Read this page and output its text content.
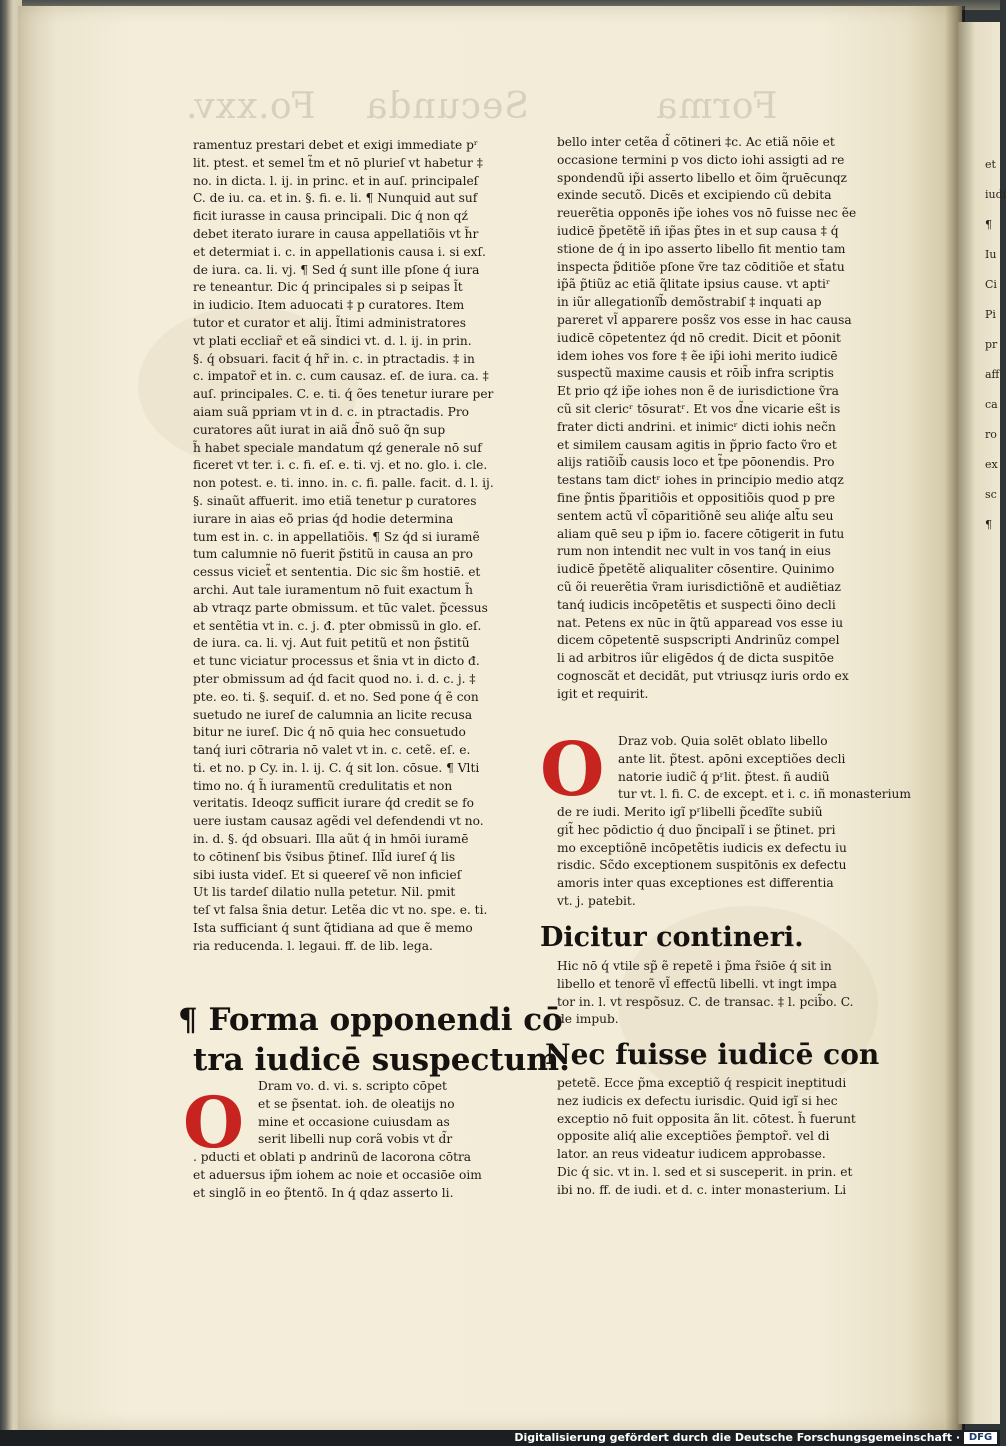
Fo.xxv. Secunda	Forma
ramentuz prestari debet et exigi immediate pʳ
lit. ptest. et semel t̃m et nō plurieſ vt habetur ‡
no. in dicta. l. ij. in princ. et in auſ. principaleſ
C. de iu. ca. et in. §. fi. e. li. ¶ Nunquid aut suf
ficit iurasse in causa principali. Dic q́ non qź
debet iterato iurare in causa appellatiõis vt h̃r
et determiat i. c. in appellationis causa i. si exſ.
de iura. ca. li. vj. ¶ Sed q́ sunt ille pſone q́ iura
re teneantur. Dic q́ principales si p seipas l̃t
in iudicio. Item aduocati ‡ p curatores. Item
tutor et curator et alij. l̃timi administratores
vt plati eccliar̃ et eã sindici vt. d. l. ij. in prin.
§. q́ obsuari. facit q́ hr̃ in. c. in ptractadis. ‡ in
c. impator̃ et in. c. cum causaz. eſ. de iura. ca. ‡
auſ. principales. C. e. ti. q́ ões tenetur iurare per
aiam suã ppriam vt in d. c. in ptractadis. Pro
curatores aũt iurat in aiã d̃nõ suõ q̃n sup
h̃ habet speciale mandatum qź generale nō suf
ficeret vt ter. i. c. fi. eſ. e. ti. vj. et no. glo. i. cle.
non potest. e. ti. inno. in. c. fi. palle. facit. d. l. ij.
§. sinaũt affuerit. imo etiã tenetur p curatores
iurare in aias eõ prias q́d hodie determina
tum est in. c. in appellatiõis. ¶ Sz q́d si iuramẽ
tum calumnie nō fuerit p̃stitũ in causa an pro
cessus viciet̃ et sententia. Dic sic s̃m hostiē. et
archi. Aut tale iuramentum nō fuit exactum h̃
ab vtraqz parte obmissum. et tūc valet. p̃cessus
et sentẽtia vt in. c. j. đ. pter obmissũ in glo. eſ.
de iura. ca. li. vj. Aut fuit petitũ et non p̃stitũ
et tunc viciatur processus et s̃nia vt in dicto đ.
pter obmissum ad q́d facit quod no. i. d. c. j. ‡
pte. eo. ti. §. sequiſ. d. et no. Sed pone q́ ẽ con
suetudo ne iureſ de calumnia an licite recusa
bitur ne iureſ. Dic q́ nō quia hec consuetudo
tanq́ iuri cōtraria nō valet vt in. c. cetẽ. eſ. e.
ti. et no. p Cy. in. l. ij. C. q́ sit lon. cōsue. ¶ Vlti
timo no. q́ h̃ iuramentũ credulitatis et non
veritatis. Ideoqz sufficit iurare q́d credit se fo
uere iustam causaz agẽdi vel defendendi vt no.
in. d. §. q́d obsuari. Illa aũt q́ in hmōi iuramē
to cōtinenſ bis ṽsibus p̃tineſ. Ill̃d iureſ q́ lis
sibi iusta videſ. Et si queereſ vẽ non inficieſ
Ut lis tardeſ dilatio nulla petetur. Nil. pmit
teſ vt falsa s̃nia detur. Letẽa dic vt no. spe. e. ti.
Ista sufficiant q́ sunt q̃tidiana ad que ẽ memo
ria reducenda. l. legaui. ff. de lib. lega.
¶ Forma opponendi cō
tra iudicē suspectum.
O Dram vo. d. vi. s. scripto cōpet
et se p̃sentat. ioh. de oleatijs no
mine et occasione cuiusdam as
serit libelli nup corã vobis vt d̃r
. pducti et oblati p andrinũ de lacorona cōtra
et aduersus ip̃m iohem ac noie et occasiōe oim
et singlõ in eo p̃tentõ. In q́ qdaz asserto li.
bello inter cetẽa d̃ cōtineri ‡c. Ac etiã nōie et
occasione termini p vos dicto iohi assigti ad re
spondendũ ip̃i asserto libello et õim q̃ruēcunqz
exinde secutõ. Dicēs et excipiendo cũ debita
reuerẽtia opponēs ip̃e iohes vos nō fuisse nec ẽe
iudicē p̃petẽtẽ iñ ip̃as p̃tes in et sup causa ‡ q́
stione de q́ in ipo asserto libello fit mentio tam
inspecta p̃ditiõe pſone ṽre taz cōditiõe et st̃atu
ip̃ã p̃tiũz ac etiã q̃litate ipsius cause. vt aptiʳ
in iũr allegationĩb̃ demõstrabiſ ‡ inquati ap
pareret vl̃ apparere poss̃z vos esse in hac causa
iudicē cōpetentez q́d nō credit. Dicit et pōonit
idem iohes vos fore ‡ ẽe ip̃i iohi merito iudicē
suspectũ maxime causis et rōib̃ infra scriptis
Et prio qź ip̃e iohes non ẽ de iurisdictione ṽra
cũ sit clericʳ tōsuratʳ. Et vos d̃ne vicarie es̃t is
frater dicti andrini. et inimicʳ dicti iohis nec̃n
et similem causam agitis in p̃prio facto ṽro et
alijs ratiõib̃ causis loco et t̃pe pōonendis. Pro
testans tam dictʳ iohes in principio medio atqz
fine p̃ntis p̃paritiõis et oppositiõis quod p pre
sentem actũ vl̃ cōparitiõnẽ seu aliq́e alt̃u seu
aliam quē seu p ip̃m io. facere cōtigerit in futu
rum non intendit nec vult in vos tanq́ in eius
iudicē p̃petẽtẽ aliqualiter cōsentire. Quinimo
cũ õi reuerẽtia ṽram iurisdictiõnē et audiẽtiaz
tanq́ iudicis incōpetẽtis et suspecti õino decli
nat. Petens ex nūc in q̃tũ apparead vos esse iu
dicem cōpetentē suspscripti Andrinũz compel
li ad arbitros iũr eligēdos q́ de dicta suspitōe
cognoscãt et decidãt, put vtriusqz iuris ordo ex
igit et requirit.
O Draz vob. Quia solēt oblato libello
ante lit. p̃test. apōni exceptiões decli
natorie iudic̃ q́ pʳlit. p̃test. ñ audiũ
tur vt. l. fi. C. de except. et i. c. iñ monasterium
de re iudi. Merito igĩ pʳlibelli p̃cedĩte subiũ
git̃ hec pōdictio q́ duo p̃ncipalĩ i se p̃tinet. pri
mo exceptiõnē incōpetẽtis iudicis ex defectu iu
risdic. Sc̃do exceptionem suspitōnis ex defectu
amoris inter quas exceptiones est differentia
vt. j. patebit.
Dicitur contineri.
Hic nō q́ vtile sp̃ ẽ repetẽ i p̃ma r̃siōe q́ sit in
libello et tenorẽ vl̃ effectũ libelli. vt ingt impa
tor in. l. vt respõsuz. C. de transac. ‡ l. pcib̃o. C.
de impub.
Nec fuisse iudicē con
petetẽ. Ecce p̃ma exceptiõ q́ respicit ineptitudi
nez iudicis ex defectu iurisdic. Quid igĩ si hec
exceptio nō fuit opposita ãn lit. cōtest. h̃ fuerunt
opposite aliq́ alie exceptiões p̃emptor̃. vel di
lator. an reus videatur iudicem approbasse.
Dic q́ sic. vt in. l. sed et si susceperit. in prin. et
ibi no. ff. de iudi. et d. c. inter monasterium. Li
et
iudi
¶
Iu
Ci
Pi
pr
aff
ca
ro
ex
sc
¶
Digitalisierung gefördert durch die Deutsche Forschungsgemeinschaft · DFG
